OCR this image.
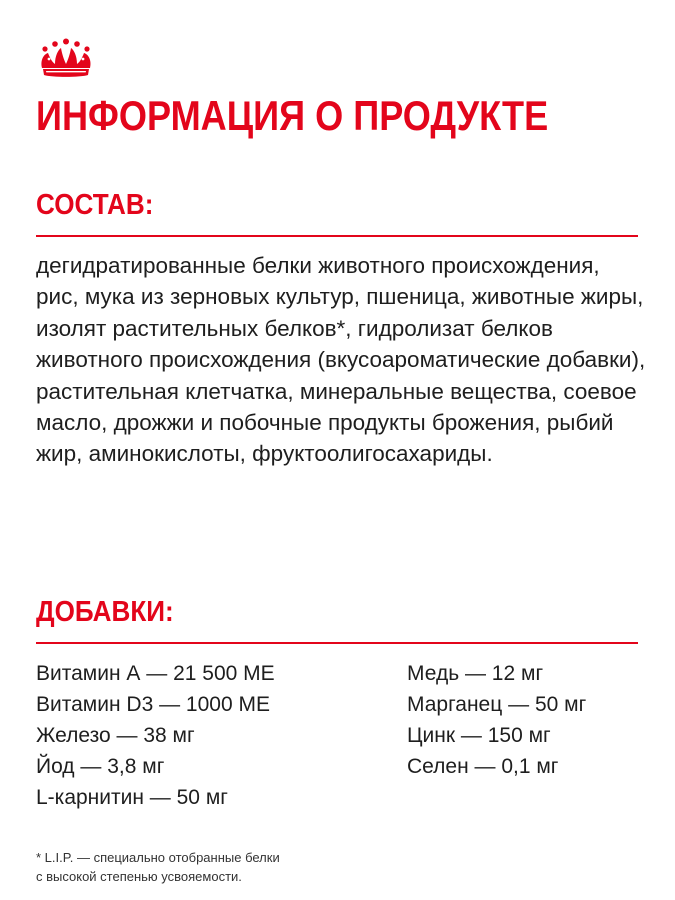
ИНФОРМАЦИЯ О ПРОДУКТЕ
СОСТАВ:

дегидратированные белки животного происхождения, рис, мука из зерновых культур, пшеница, животные жиры, изолят растительных белков*, гидролизат белков животного происхождения (вкусоароматические добавки), растительная клетчатка, минеральные вещества, соевое масло, дрожжи и побочные продукты брожения, рыбий жир, аминокислоты, фруктоолигосахариды.

ДОБАВКИ:
Витамин А — 21 500 МЕ
Витамин D3 — 1000 МЕ
Железо — 38 мг
Йод — 3,8 мг
L-карнитин — 50 мг
Медь — 12 мг
Марганец — 50 мг
Цинк — 150 мг
Селен — 0,1 мг

* L.I.P. — специально отобранные белки
с высокой степенью усвояемости.
